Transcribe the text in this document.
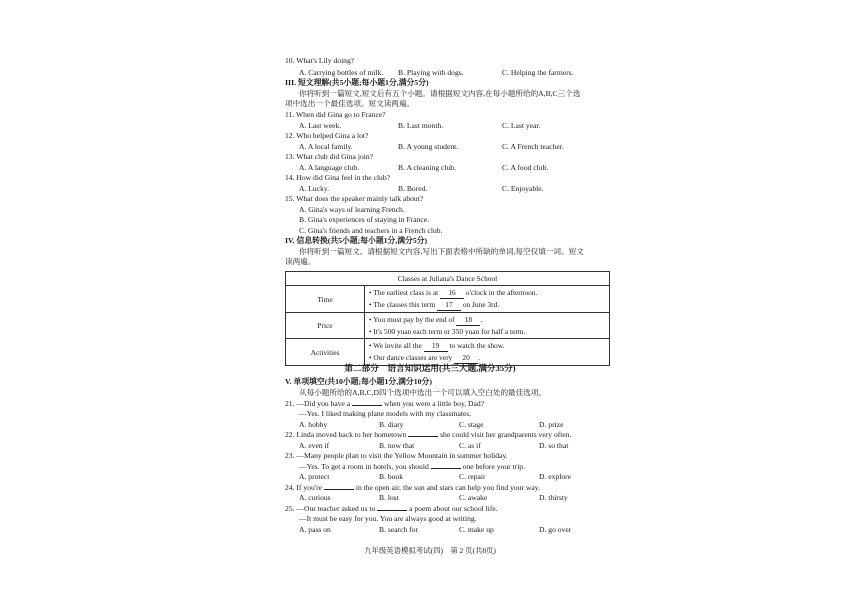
10. What's Lily doing?
A. Carrying bottles of milk. B. Playing with dogs.	C. Helping the farmers.
III. 短文理解(共5小题;每小题1分,满分5分)
你将听到一篇短文,短文后有五个小题。请根据短文内容,在每小题所给的A,B,C三个选
项中选出一个最佳选项。短文读两遍。
11. When did Gina go to France?
A. Last week.	B. Last month.	C. Last year.
12. Who helped Gina a lot?
A. A local family.	B. A young student.	C. A French teacher.
13. What club did Gina join?
A. A language club.	B. A cleaning club.	C. A food club.
14. How did Gina feel in the club?
A. Lucky.	B. Bored.	C. Enjoyable.
15. What does the speaker mainly talk about?
A. Gina's ways of learning French.
B. Gina's experiences of staying in France.
C. Gina's friends and teachers in a French club.
IV. 信息转换(共5小题;每小题1分,满分5分)
你将听到一篇短文。请根据短文内容,写出下面表格中所缺的单词,每空仅填一词。短文
读两遍。
Classes at Juliana's Dance School	
Time	• The earliest class is at 16 o'clock in the afternoon.
• The classes this term 17 on June 3rd.

Price	• You must pay by the end of 18 .
• It's 500 yuan each term or 350 yuan for half a term.

Activities	• We invite all the 19 to watch the show.
• Our dance classes are very 20 .
第二部分　语言知识运用(共三大题,满分35分)
V. 单项填空(共10小题;每小题1分,满分10分)
从每小题所给的A,B,C,D四个选项中选出一个可以填入空白处的最佳选项。
21. —Did you have a	when you were a little boy, Dad?
—Yes. I liked making plane models with my classmates.
A. hobby	B. diary	C. stage	D. prize
22. Linda moved back to her hometown	she could visit her grandparents very often.
A. even if	B. now that	C. as if	D. so that
23. —Many people plan to visit the Yellow Mountain in summer holiday.
—Yes. To get a room in hotels, you should	one before your trip.
A. protect	B. book	C. repair	D. explore
24. If you're	in the open air, the sun and stars can help you find your way.
A. curious	B. lost	C. awake	D. thirsty
25. —Our teacher asked us to	a poem about our school life.
—It must be easy for you. You are always good at writing.
A. pass on	B. search for	C. make up	D. go over
九年级英语模拟考试(四)　第 2 页(共8页)
